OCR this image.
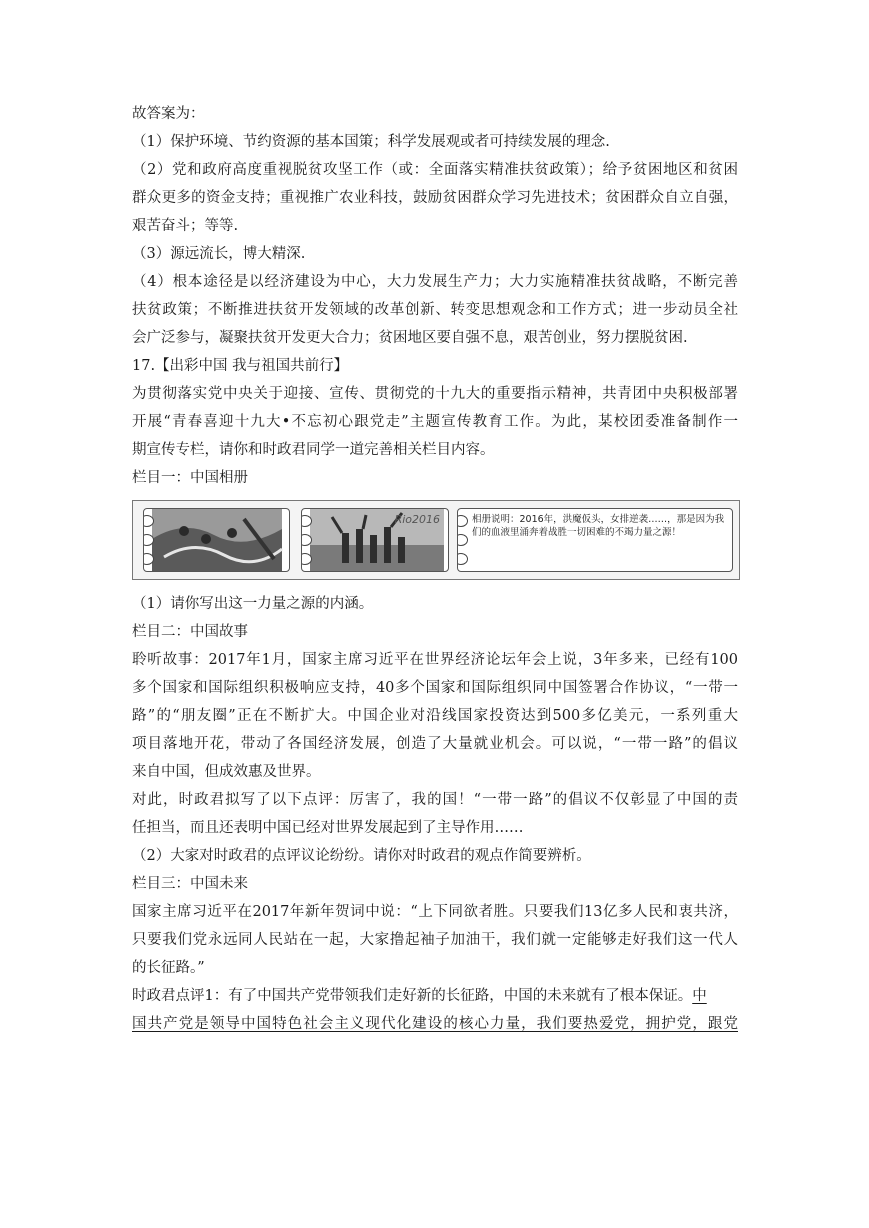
故答案为：
（1）保护环境、节约资源的基本国策；科学发展观或者可持续发展的理念.
（2）党和政府高度重视脱贫攻坚工作（或：全面落实精准扶贫政策）；给予贫困地区和贫困
群众更多的资金支持；重视推广农业科技，鼓励贫困群众学习先进技术；贫困群众自立自强，
艰苦奋斗；等等.
（3）源远流长，博大精深.
（4）根本途径是以经济建设为中心，大力发展生产力；大力实施精准扶贫战略，不断完善
扶贫政策；不断推进扶贫开发领域的改革创新、转变思想观念和工作方式；进一步动员全社
会广泛参与，凝聚扶贫开发更大合力；贫困地区要自强不息，艰苦创业，努力摆脱贫困.
17.【出彩中国 我与祖国共前行】
为贯彻落实党中央关于迎接、宣传、贯彻党的十九大的重要指示精神，共青团中央积极部署
开展“青春喜迎十九大•不忘初心跟党走”主题宣传教育工作。为此，某校团委准备制作一
期宣传专栏，请你和时政君同学一道完善相关栏目内容。
栏目一：中国相册
Rio2016	相册说明：2016年，洪魔仮头，女排逆袭……，那是因为我们的血液里涌奔着战胜一切困难的不竭力量之源！
（1）请你写出这一力量之源的内涵。
栏目二：中国故事
聆听故事：2017年1月，国家主席习近平在世界经济论坛年会上说，3年多来，已经有100
多个国家和国际组织积极响应支持，40多个国家和国际组织同中国签署合作协议，“一带一
路”的“朋友圈”正在不断扩大。中国企业对沿线国家投资达到500多亿美元，一系列重大
项目落地开花，带动了各国经济发展，创造了大量就业机会。可以说，“一带一路”的倡议
来自中国，但成效惠及世界。
对此，时政君拟写了以下点评：厉害了，我的国！“一带一路”的倡议不仅彰显了中国的责
任担当，而且还表明中国已经对世界发展起到了主导作用……
（2）大家对时政君的点评议论纷纷。请你对时政君的观点作简要辨析。
栏目三：中国未来
国家主席习近平在2017年新年贺词中说：“上下同欲者胜。只要我们13亿多人民和衷共济，
只要我们党永远同人民站在一起，大家撸起袖子加油干，我们就一定能够走好我们这一代人
的长征路。”
时政君点评1：有了中国共产党带领我们走好新的长征路，中国的未来就有了根本保证。中
国共产党是领导中国特色社会主义现代化建设的核心力量，我们要热爱党，拥护党，跟党
